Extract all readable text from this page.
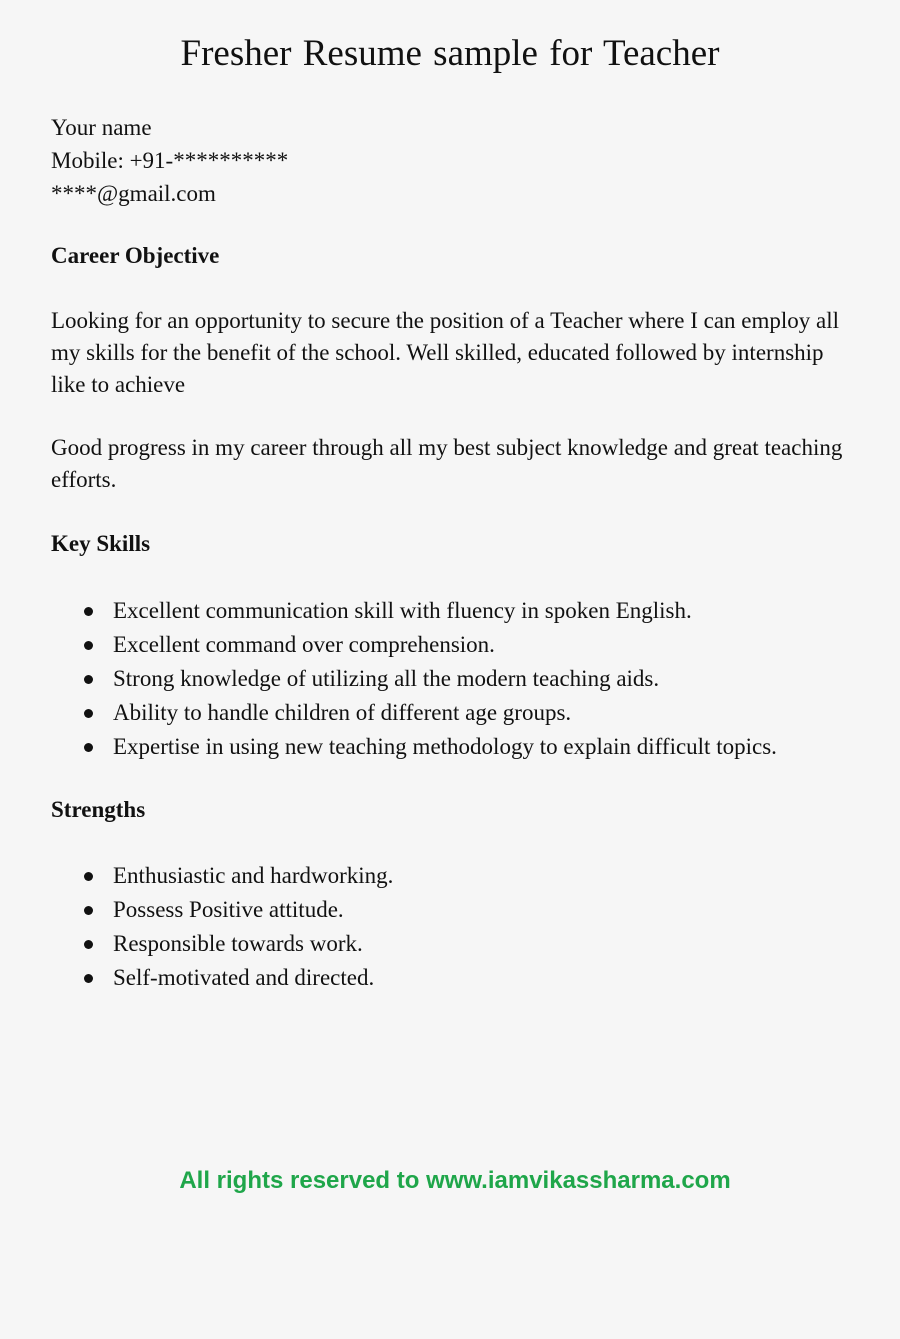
Fresher Resume sample for Teacher
Your name
Mobile: +91-**********
****@gmail.com
Career Objective

Looking for an opportunity to secure the position of a Teacher where I can employ all my skills for the benefit of the school. Well skilled, educated followed by internship like to achieve

Good progress in my career through all my best subject knowledge and great teaching efforts.

Key Skills
Excellent communication skill with fluency in spoken English.
Excellent command over comprehension.
Strong knowledge of utilizing all the modern teaching aids.
Ability to handle children of different age groups.
Expertise in using new teaching methodology to explain difficult topics.
Strengths
Enthusiastic and hardworking.
Possess Positive attitude.
Responsible towards work.
Self-motivated and directed.
All rights reserved to www.iamvikassharma.com
